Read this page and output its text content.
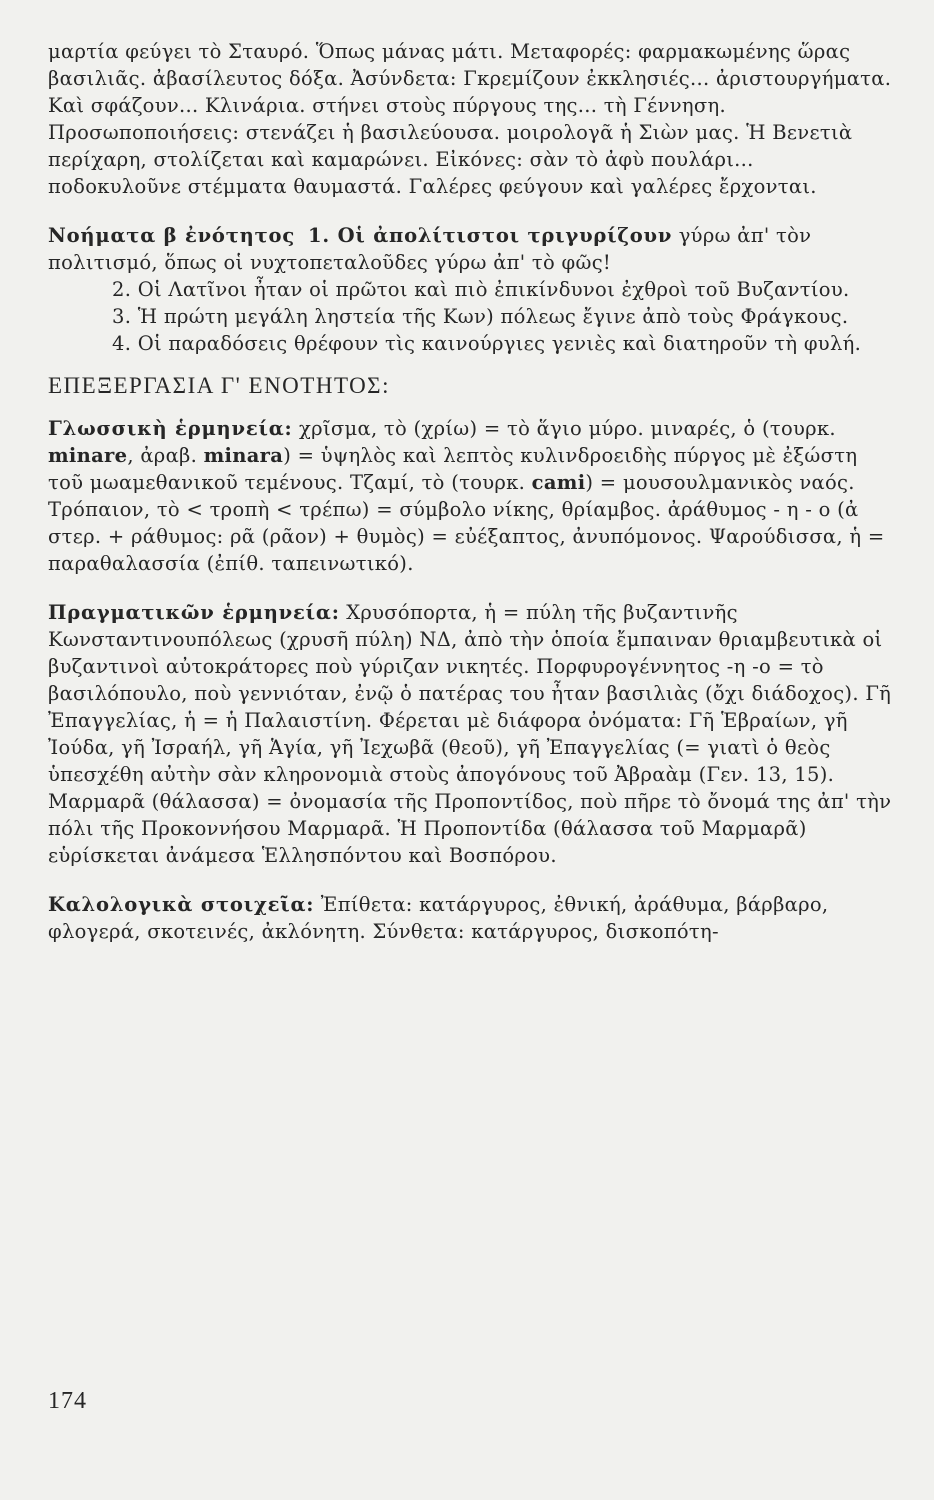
μαρτία φεύγει τὸ Σταυρό. Ὅπως μάνας μάτι. Μεταφορές: φαρμακωμένης ὥρας βασιλιᾶς. ἀβασίλευτος δόξα. Ἀσύνδετα: Γκρεμίζουν ἐκκλησιές... ἀριστουργήματα. Καὶ σφάζουν... Κλινάρια. στήνει στοὺς πύργους της... τὴ Γέννηση. Προσωποποιήσεις: στενάζει ἡ βασιλεύουσα. μοιρολογᾶ ἡ Σιὼν μας. Ἡ Βενετιὰ περίχαρη, στολίζεται καὶ καμαρώνει. Εἰκόνες: σὰν τὸ ἀφὺ πουλάρι... ποδοκυλοῦνε στέμματα θαυμαστά. Γαλέρες φεύγουν καὶ γαλέρες ἔρχονται.

Νοήματα β ἐνότητος 1. Οἱ ἀπολίτιστοι τριγυρίζουν γύρω ἀπ' τὸν πολιτισμό, ὅπως οἱ νυχτοπεταλοῦδες γύρω ἀπ' τὸ φῶς!

2. Οἱ Λατῖνοι ἦταν οἱ πρῶτοι καὶ πιὸ ἐπικίνδυνοι ἐχθροὶ τοῦ Βυζαντίου.

3. Ἡ πρώτη μεγάλη ληστεία τῆς Κων) πόλεως ἔγινε ἀπὸ τοὺς Φράγκους.

4. Οἱ παραδόσεις θρέφουν τὶς καινούργιες γενιὲς καὶ διατηροῦν τὴ φυλή.

ΕΠΕΞΕΡΓΑΣΙΑ Γ' ΕΝΟΤΗΤΟΣ:

Γλωσσικὴ ἑρμηνεία: χρῖσμα, τὸ (χρίω) = τὸ ἅγιο μύρο. μιναρές, ὁ (τουρκ. minare, ἀραβ. minara) = ὑψηλὸς καὶ λεπτὸς κυλινδροειδὴς πύργος μὲ ἐξώστη τοῦ μωαμεθανικοῦ τεμένους. Τζαμί, τὸ (τουρκ. cami) = μουσουλμανικὸς ναός. Τρόπαιον, τὸ < τροπὴ < τρέπω) = σύμβολο νίκης, θρίαμβος. ἀράθυμος - η - ο (ἀ στερ. + ράθυμος: ρᾶ (ρᾶον) + θυμὸς) = εὐέξαπτος, ἀνυπόμονος. Ψαρούδισσα, ἡ = παραθαλασσία (ἐπίθ. ταπεινωτικό).

Πραγματικῶν ἑρμηνεία: Χρυσόπορτα, ἡ = πύλη τῆς βυζαντινῆς Κωνσταντινουπόλεως (χρυσῆ πύλη) ΝΔ, ἀπὸ τὴν ὁποία ἔμπαιναν θριαμβευτικὰ οἱ βυζαντινοὶ αὐτοκράτορες ποὺ γύριζαν νικητές. Πορφυρογέννητος -η -ο = τὸ βασιλόπουλο, ποὺ γεννιόταν, ἐνῷ ὁ πατέρας του ἦταν βασιλιὰς (ὄχι διάδοχος). Γῆ Ἐπαγγελίας, ἡ = ἡ Παλαιστίνη. Φέρεται μὲ διάφορα ὀνόματα: Γῆ Ἑβραίων, γῆ Ἰούδα, γῆ Ἰσραήλ, γῆ Ἁγία, γῆ Ἰεχωβᾶ (θεοῦ), γῆ Ἐπαγγελίας (= γιατὶ ὁ θεὸς ὑπεσχέθη αὐτὴν σὰν κληρονομιὰ στοὺς ἀπογόνους τοῦ Ἀβραὰμ (Γεν. 13, 15). Μαρμαρᾶ (θάλασσα) = ὀνομασία τῆς Προποντίδος, ποὺ πῆρε τὸ ὄνομά της ἀπ' τὴν πόλι τῆς Προκοννήσου Μαρμαρᾶ. Ἡ Προποντίδα (θάλασσα τοῦ Μαρμαρᾶ) εὑρίσκεται ἀνάμεσα Ἑλλησπόντου καὶ Βοσπόρου.

Καλολογικὰ στοιχεῖα: Ἐπίθετα: κατάργυρος, ἐθνική, ἀράθυμα, βάρβαρο, φλογερά, σκοτεινές, ἀκλόνητη. Σύνθετα: κατάργυρος, δισκοπότη-

174
